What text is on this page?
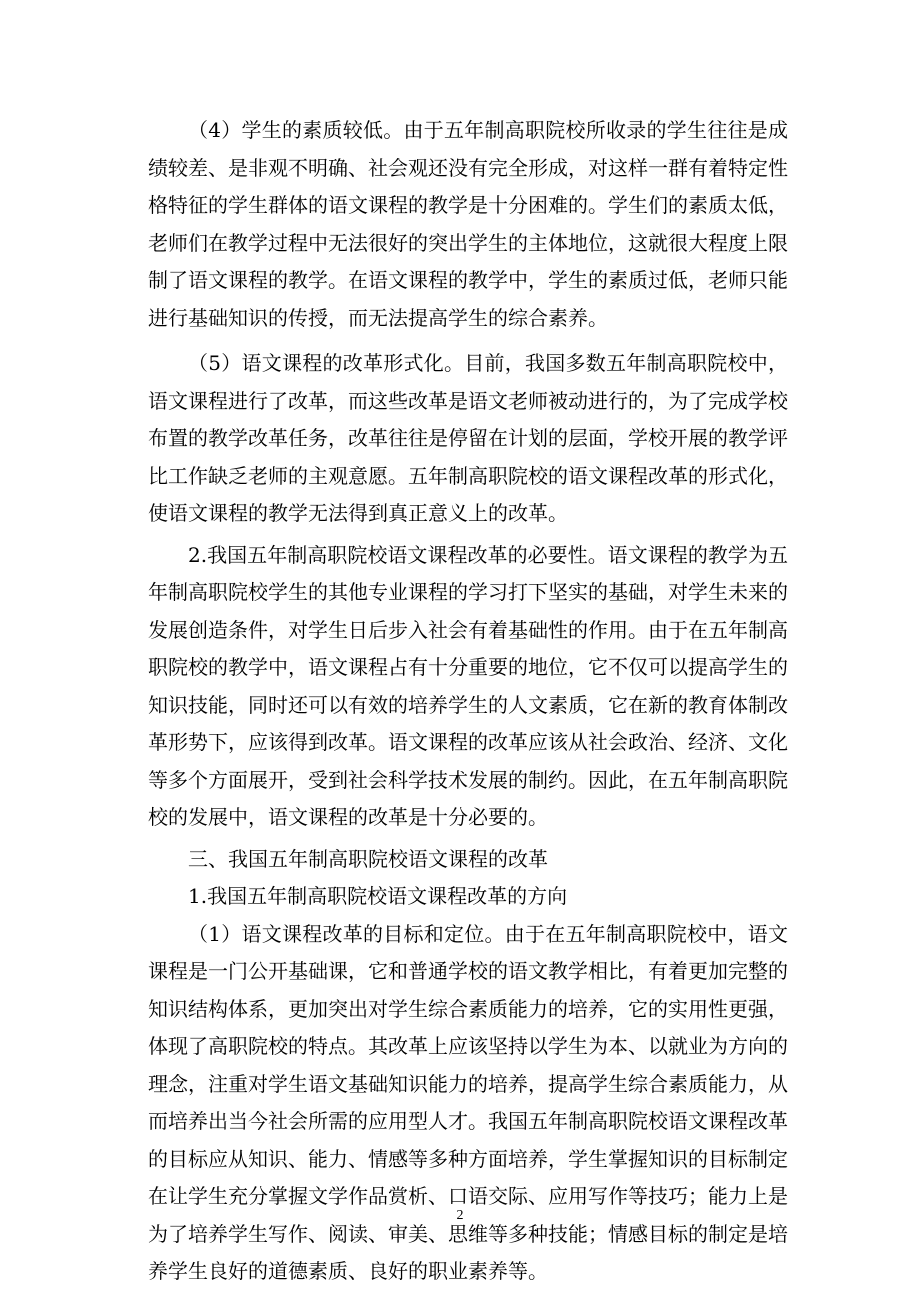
（4）学生的素质较低。由于五年制高职院校所收录的学生往往是成绩较差、是非观不明确、社会观还没有完全形成，对这样一群有着特定性格特征的学生群体的语文课程的教学是十分困难的。学生们的素质太低，老师们在教学过程中无法很好的突出学生的主体地位，这就很大程度上限制了语文课程的教学。在语文课程的教学中，学生的素质过低，老师只能进行基础知识的传授，而无法提高学生的综合素养。

（5）语文课程的改革形式化。目前，我国多数五年制高职院校中，语文课程进行了改革，而这些改革是语文老师被动进行的，为了完成学校布置的教学改革任务，改革往往是停留在计划的层面，学校开展的教学评比工作缺乏老师的主观意愿。五年制高职院校的语文课程改革的形式化，使语文课程的教学无法得到真正意义上的改革。

2.我国五年制高职院校语文课程改革的必要性。语文课程的教学为五年制高职院校学生的其他专业课程的学习打下坚实的基础，对学生未来的发展创造条件，对学生日后步入社会有着基础性的作用。由于在五年制高职院校的教学中，语文课程占有十分重要的地位，它不仅可以提高学生的知识技能，同时还可以有效的培养学生的人文素质，它在新的教育体制改革形势下，应该得到改革。语文课程的改革应该从社会政治、经济、文化等多个方面展开，受到社会科学技术发展的制约。因此，在五年制高职院校的发展中，语文课程的改革是十分必要的。

三、我国五年制高职院校语文课程的改革

1.我国五年制高职院校语文课程改革的方向

（1）语文课程改革的目标和定位。由于在五年制高职院校中，语文课程是一门公开基础课，它和普通学校的语文教学相比，有着更加完整的知识结构体系，更加突出对学生综合素质能力的培养，它的实用性更强，体现了高职院校的特点。其改革上应该坚持以学生为本、以就业为方向的理念，注重对学生语文基础知识能力的培养，提高学生综合素质能力，从而培养出当今社会所需的应用型人才。我国五年制高职院校语文课程改革的目标应从知识、能力、情感等多种方面培养，学生掌握知识的目标制定在让学生充分掌握文学作品赏析、口语交际、应用写作等技巧；能力上是为了培养学生写作、阅读、审美、思维等多种技能；情感目标的制定是培养学生良好的道德素质、良好的职业素养等。

2
